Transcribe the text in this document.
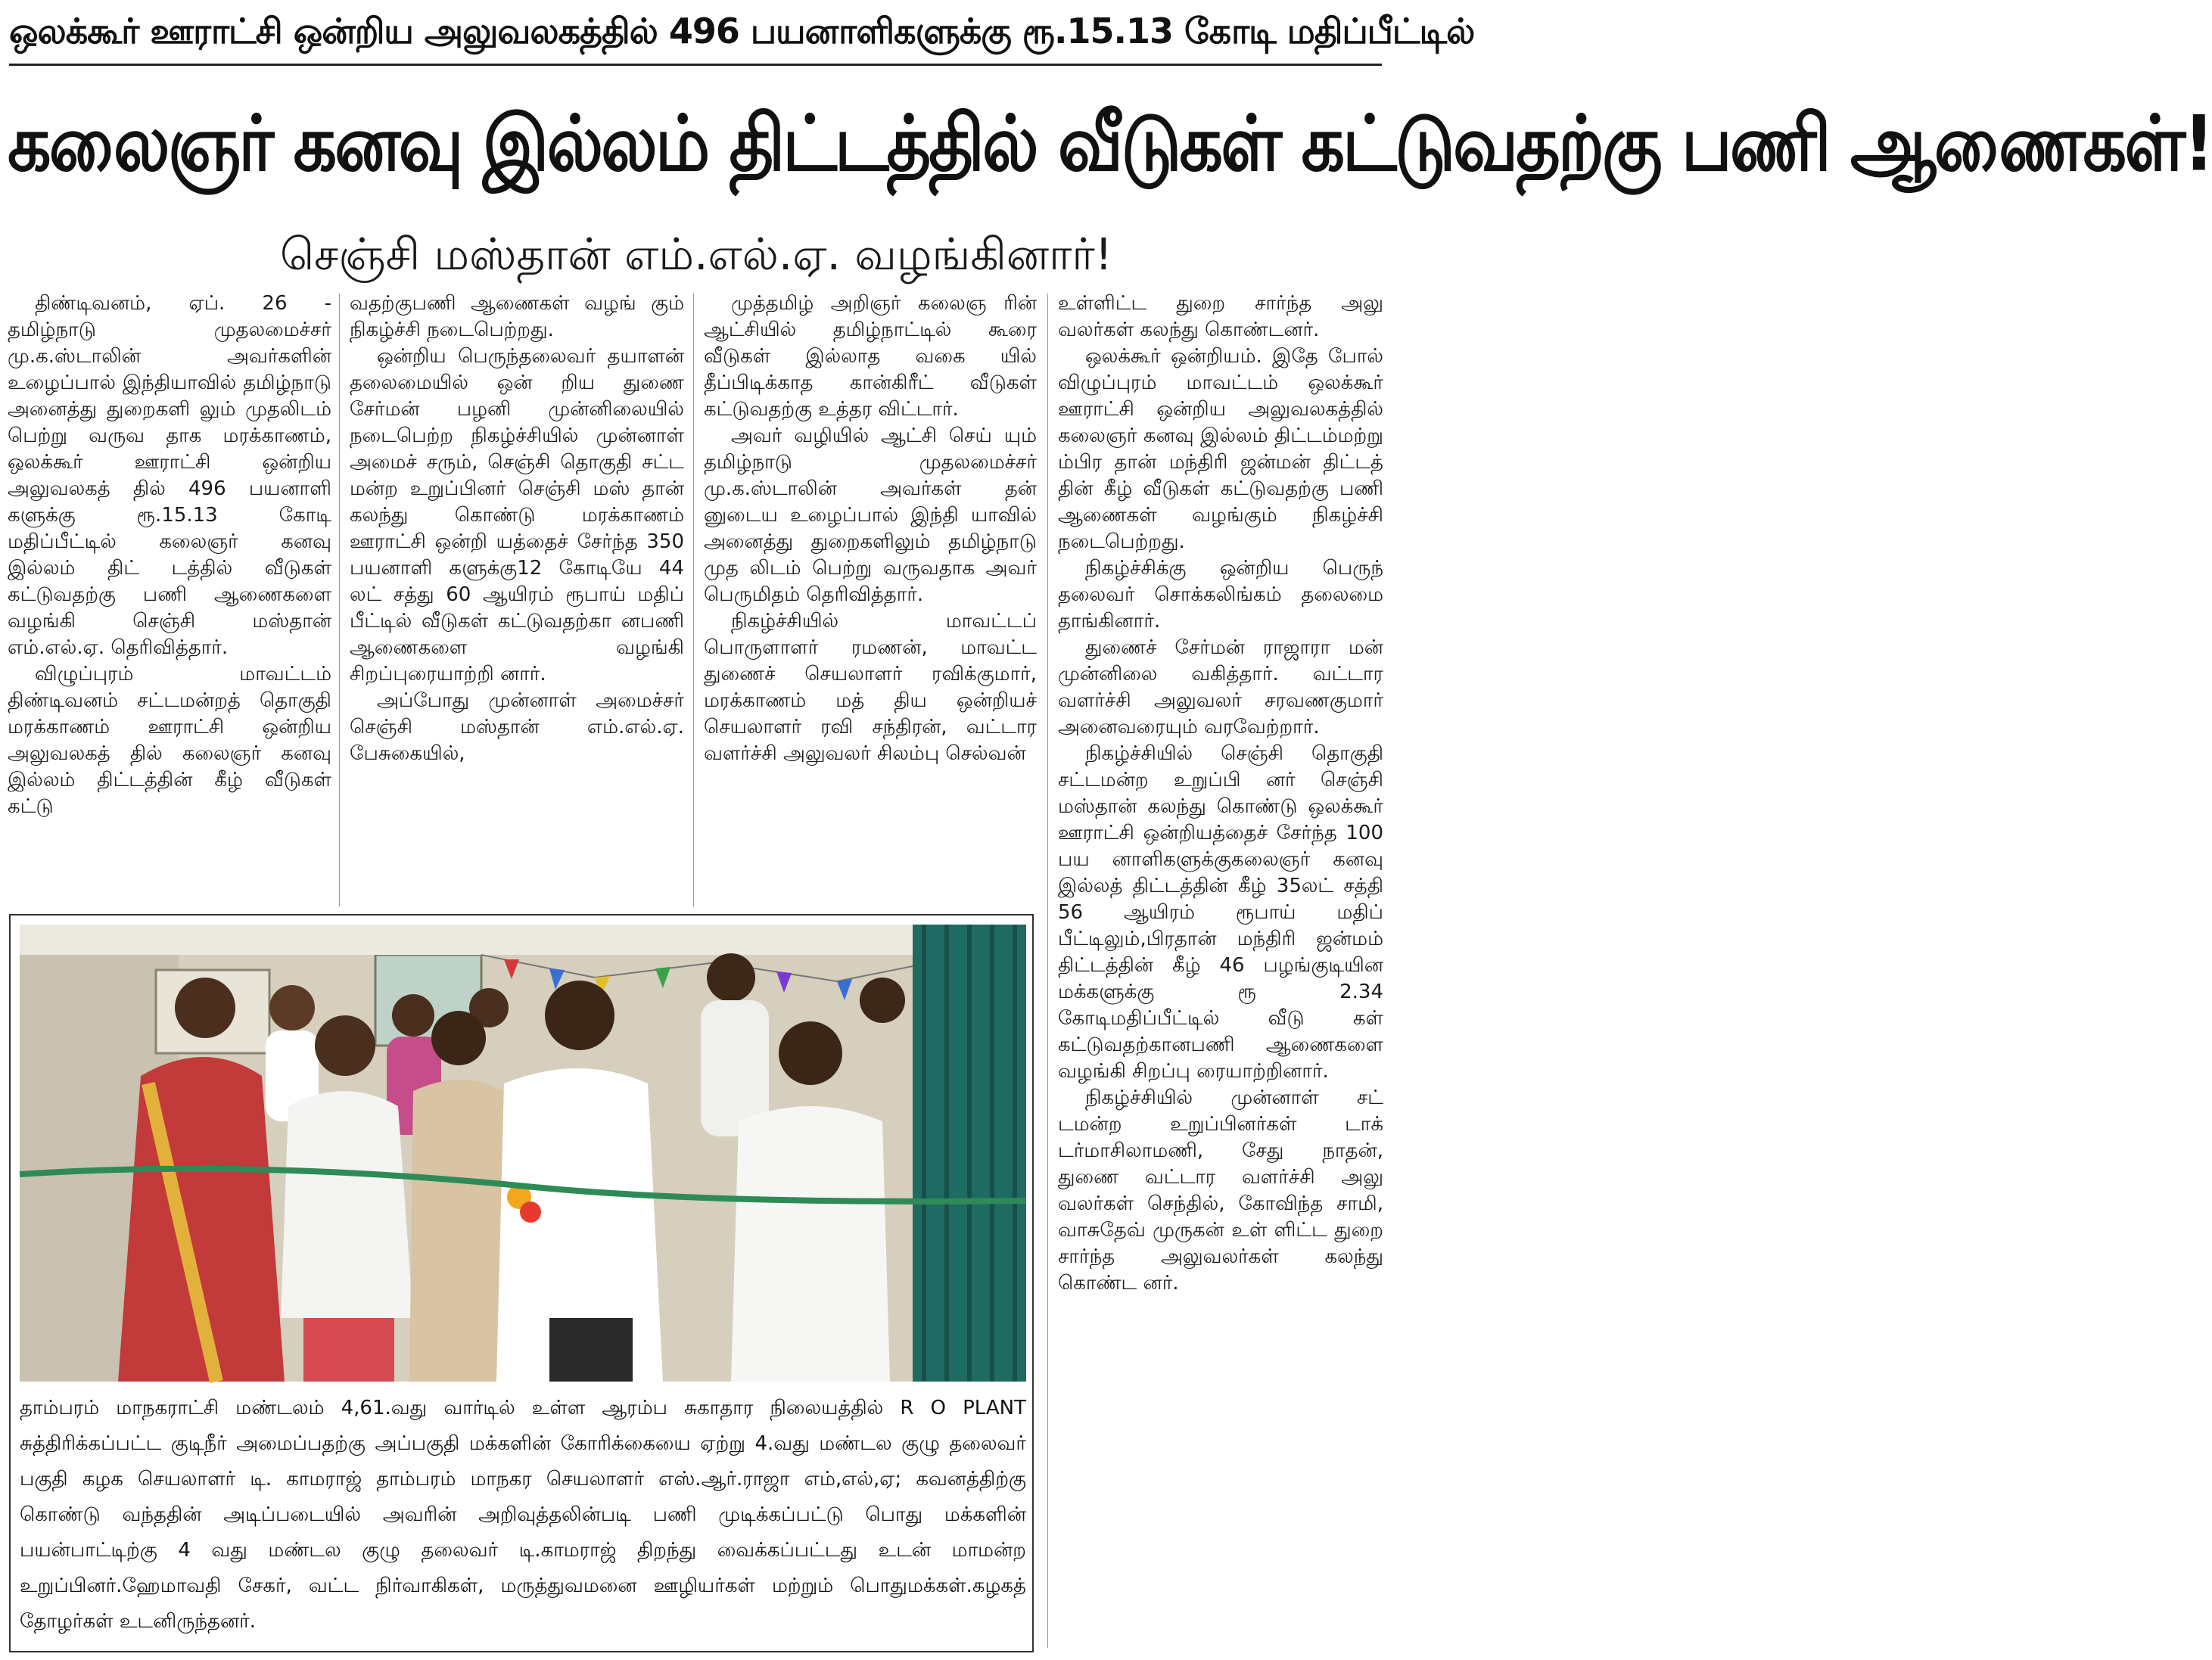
ஒலக்கூர் ஊராட்சி ஒன்றிய அலுவலகத்தில் 496 பயனாளிகளுக்கு ரூ.15.13 கோடி மதிப்பீட்டில்
கலைஞர் கனவு இல்லம் திட்டத்தில் வீடுகள் கட்டுவதற்கு பணி ஆணைகள்!
செஞ்சி மஸ்தான் எம்.எல்.ஏ. வழங்கினார்!

திண்டிவனம், ஏப். 26 - தமிழ்நாடு முதலமைச்சர் மு.க.ஸ்டாலின் அவர்களின் உழைப்பால் இந்தியாவில் தமிழ்நாடு அனைத்து துறைகளி லும் முதலிடம் பெற்று வருவ தாக மரக்காணம், ஒலக்கூர் ஊராட்சி ஒன்றிய அலுவலகத் தில் 496 பயனாளி களுக்கு ரூ.15.13 கோடி மதிப்பீட்டில் கலைஞர் கனவு இல்லம் திட் டத்தில் வீடுகள் கட்டுவதற்கு பணி ஆணைகளை வழங்கி செஞ்சி மஸ்தான் எம்.எல்.ஏ. தெரிவித்தார்.

விழுப்புரம் மாவட்டம் திண்டிவனம் சட்டமன்றத் தொகுதி மரக்காணம் ஊராட்சி ஒன்றிய அலுவலகத் தில் கலைஞர் கனவு இல்லம் திட்டத்தின் கீழ் வீடுகள் கட்டு

வதற்குபணி ஆணைகள் வழங் கும் நிகழ்ச்சி நடைபெற்றது.

ஒன்றிய பெருந்தலைவர் தயாளன் தலைமையில் ஒன் றிய துணை சேர்மன் பழனி முன்னிலையில் நடைபெற்ற நிகழ்ச்சியில் முன்னாள் அமைச் சரும், செஞ்சி தொகுதி சட்ட மன்ற உறுப்பினர் செஞ்சி மஸ் தான் கலந்து கொண்டு மரக்காணம் ஊராட்சி ஒன்றி யத்தைச் சேர்ந்த 350 பயனாளி களுக்கு12 கோடியே 44 லட் சத்து 60 ஆயிரம் ரூபாய் மதிப் பீட்டில் வீடுகள் கட்டுவதற்கா னபணி ஆணைகளை வழங்கி சிறப்புரையாற்றி னார்.

அப்போது முன்னாள் அமைச்சர் செஞ்சி மஸ்தான் எம்.எல்.ஏ. பேசுகையில்,

முத்தமிழ் அறிஞர் கலைஞ ரின் ஆட்சியில் தமிழ்நாட்டில் கூரை வீடுகள் இல்லாத வகை யில் தீப்பிடிக்காத கான்கிரீட் வீடுகள் கட்டுவதற்கு உத்தர விட்டார்.

அவர் வழியில் ஆட்சி செய் யும் தமிழ்நாடு முதலமைச்சர் மு.க.ஸ்டாலின் அவர்கள் தன் னுடைய உழைப்பால் இந்தி யாவில் அனைத்து துறைகளிலும் தமிழ்நாடு முத லிடம் பெற்று வருவதாக அவர் பெருமிதம் தெரிவித்தார்.

நிகழ்ச்சியில் மாவட்டப் பொருளாளர் ரமணன், மாவட்ட துணைச் செயலாளர் ரவிக்குமார், மரக்காணம் மத் திய ஒன்றியச் செயலாளர் ரவி சந்திரன், வட்டார வளர்ச்சி அலுவலர் சிலம்பு செல்வன்

உள்ளிட்ட துறை சார்ந்த அலு வலர்கள் கலந்து கொண்டனர்.

ஒலக்கூர் ஒன்றியம். இதே போல் விழுப்புரம் மாவட்டம் ஒலக்கூர் ஊராட்சி ஒன்றிய அலுவலகத்தில் கலைஞர் கனவு இல்லம் திட்டம்மற்று ம்பிர தான் மந்திரி ஜன்மன் திட்டத் தின் கீழ் வீடுகள் கட்டுவதற்கு பணி ஆணைகள் வழங்கும் நிகழ்ச்சி நடைபெற்றது.

நிகழ்ச்சிக்கு ஒன்றிய பெருந் தலைவர் சொக்கலிங்கம் தலைமை தாங்கினார்.

துணைச் சேர்மன் ராஜாரா மன் முன்னிலை வகித்தார். வட்டார வளர்ச்சி அலுவலர் சரவணகுமார் அனைவரையும் வரவேற்றார்.

நிகழ்ச்சியில் செஞ்சி தொகுதி சட்டமன்ற உறுப்பி னர் செஞ்சி மஸ்தான் கலந்து கொண்டு ஒலக்கூர் ஊராட்சி ஒன்றியத்தைச் சேர்ந்த 100 பய னாளிகளுக்குகலைஞர் கனவு இல்லத் திட்டத்தின் கீழ் 35லட் சத்தி 56 ஆயிரம் ரூபாய் மதிப் பீட்டிலும்,பிரதான் மந்திரி ஜன்மம் திட்டத்தின் கீழ் 46 பழங்குடியின மக்களுக்கு ரூ 2.34 கோடிமதிப்பீட்டில் வீடு கள் கட்டுவதற்கானபணி ஆணைகளை வழங்கி சிறப்பு ரையாற்றினார்.

நிகழ்ச்சியில் முன்னாள் சட் டமன்ற உறுப்பினர்கள் டாக் டர்மாசிலாமணி, சேது நாதன், துணை வட்டார வளர்ச்சி அலு வலர்கள் செந்தில், கோவிந்த சாமி, வாசுதேவ் முருகன் உள் ளிட்ட துறை சார்ந்த அலுவலர்கள் கலந்து கொண்ட னர்.

தாம்பரம் மாநகராட்சி மண்டலம் 4,61.வது வார்டில் உள்ள ஆரம்ப சுகாதார நிலையத்தில் R O PLANT சுத்திரிக்கப்பட்ட குடிநீர் அமைப்பதற்கு அப்பகுதி மக்களின் கோரிக்கையை ஏற்று 4.வது மண்டல குழு தலைவர் பகுதி கழக செயலாளர் டி. காமராஜ் தாம்பரம் மாநகர செயலாளர் எஸ்.ஆர்.ராஜா எம்,எல்,ஏ; கவனத்திற்கு கொண்டு வந்ததின் அடிப்படையில் அவரின் அறிவுத்தலின்படி பணி முடிக்கப்பட்டு பொது மக்களின் பயன்பாட்டிற்கு 4 வது மண்டல குழு தலைவர் டி.காமராஜ் திறந்து வைக்கப்பட்டது உடன் மாமன்ற உறுப்பினர்.ஹேமாவதி சேகர், வட்ட நிர்வாகிகள், மருத்துவமனை ஊழியர்கள் மற்றும் பொதுமக்கள்.கழகத் தோழர்கள் உடனிருந்தனர்.
